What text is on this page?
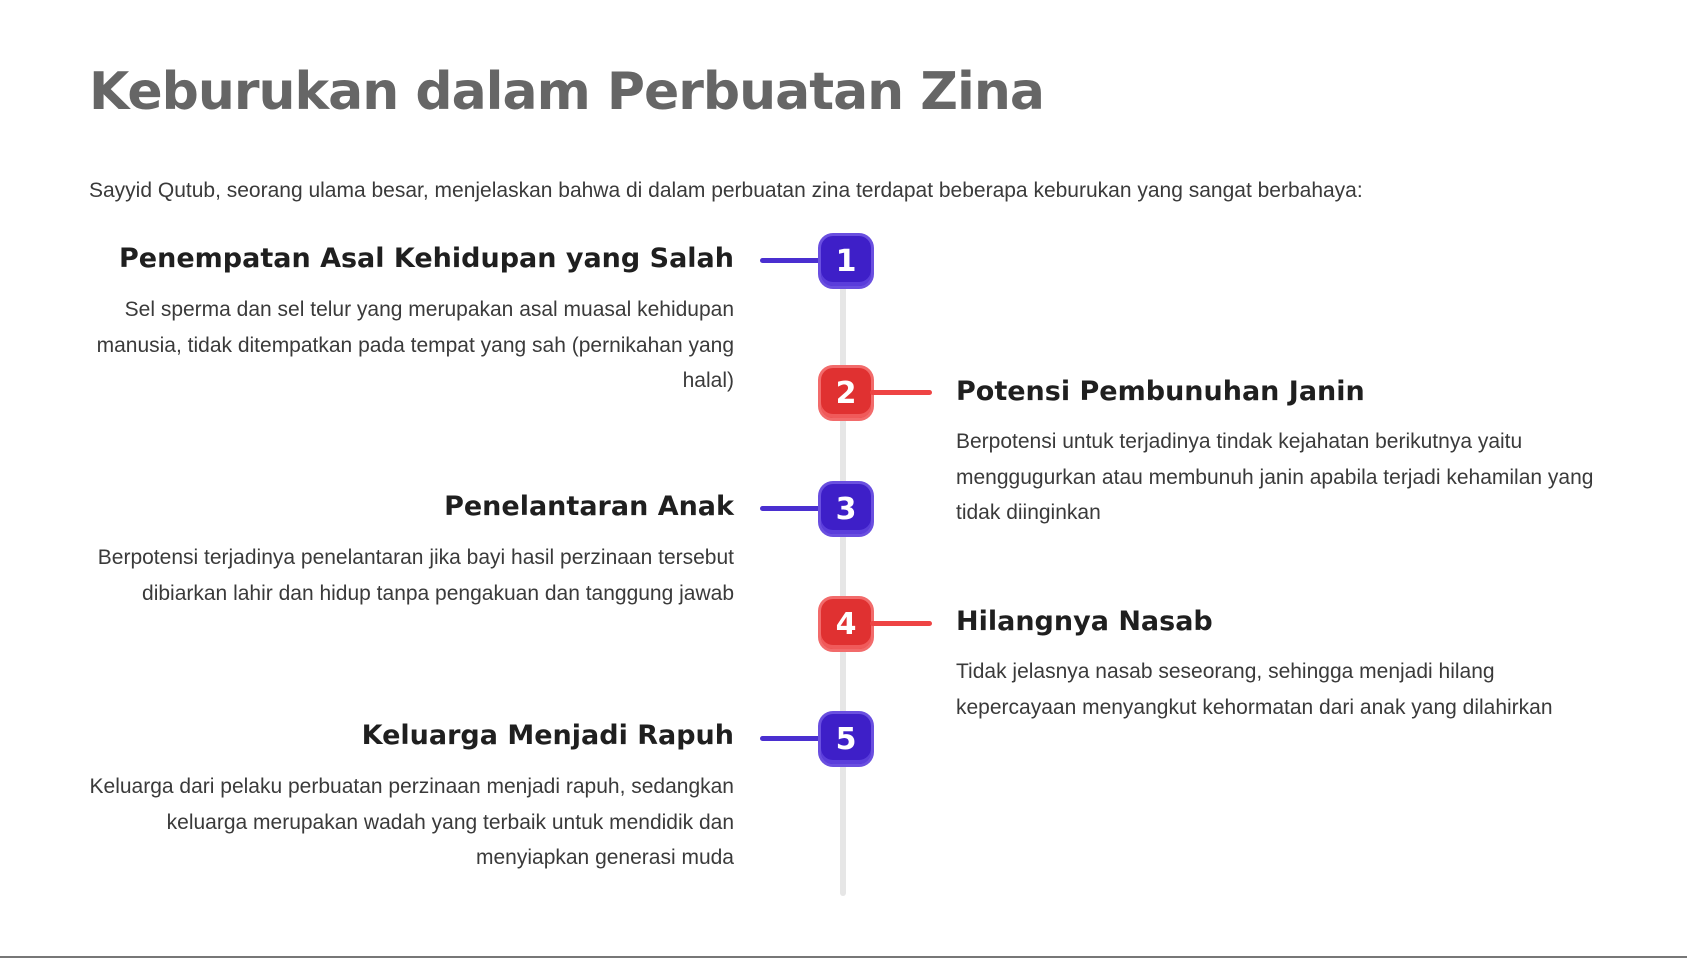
Keburukan dalam Perbuatan Zina

Sayyid Qutub, seorang ulama besar, menjelaskan bahwa di dalam perbuatan zina terdapat beberapa keburukan yang sangat berbahaya:

1
Penempatan Asal Kehidupan yang Salah

Sel sperma dan sel telur yang merupakan asal muasal kehidupan manusia, tidak ditempatkan pada tempat yang sah (pernikahan yang halal)	2	Potensi Pembunuhan Janin

Berpotensi untuk terjadinya tindak kejahatan berikutnya yaitu menggugurkan atau membunuh janin apabila terjadi kehamilan yang tidak diinginkan

3
Penelantaran Anak

Berpotensi terjadinya penelantaran jika bayi hasil perzinaan tersebut dibiarkan lahir dan hidup tanpa pengakuan dan tanggung jawab

4	Hilangnya Nasab

Tidak jelasnya nasab seseorang, sehingga menjadi hilang kepercayaan menyangkut kehormatan dari anak yang dilahirkan

5
Keluarga Menjadi Rapuh

Keluarga dari pelaku perbuatan perzinaan menjadi rapuh, sedangkan keluarga merupakan wadah yang terbaik untuk mendidik dan menyiapkan generasi muda
